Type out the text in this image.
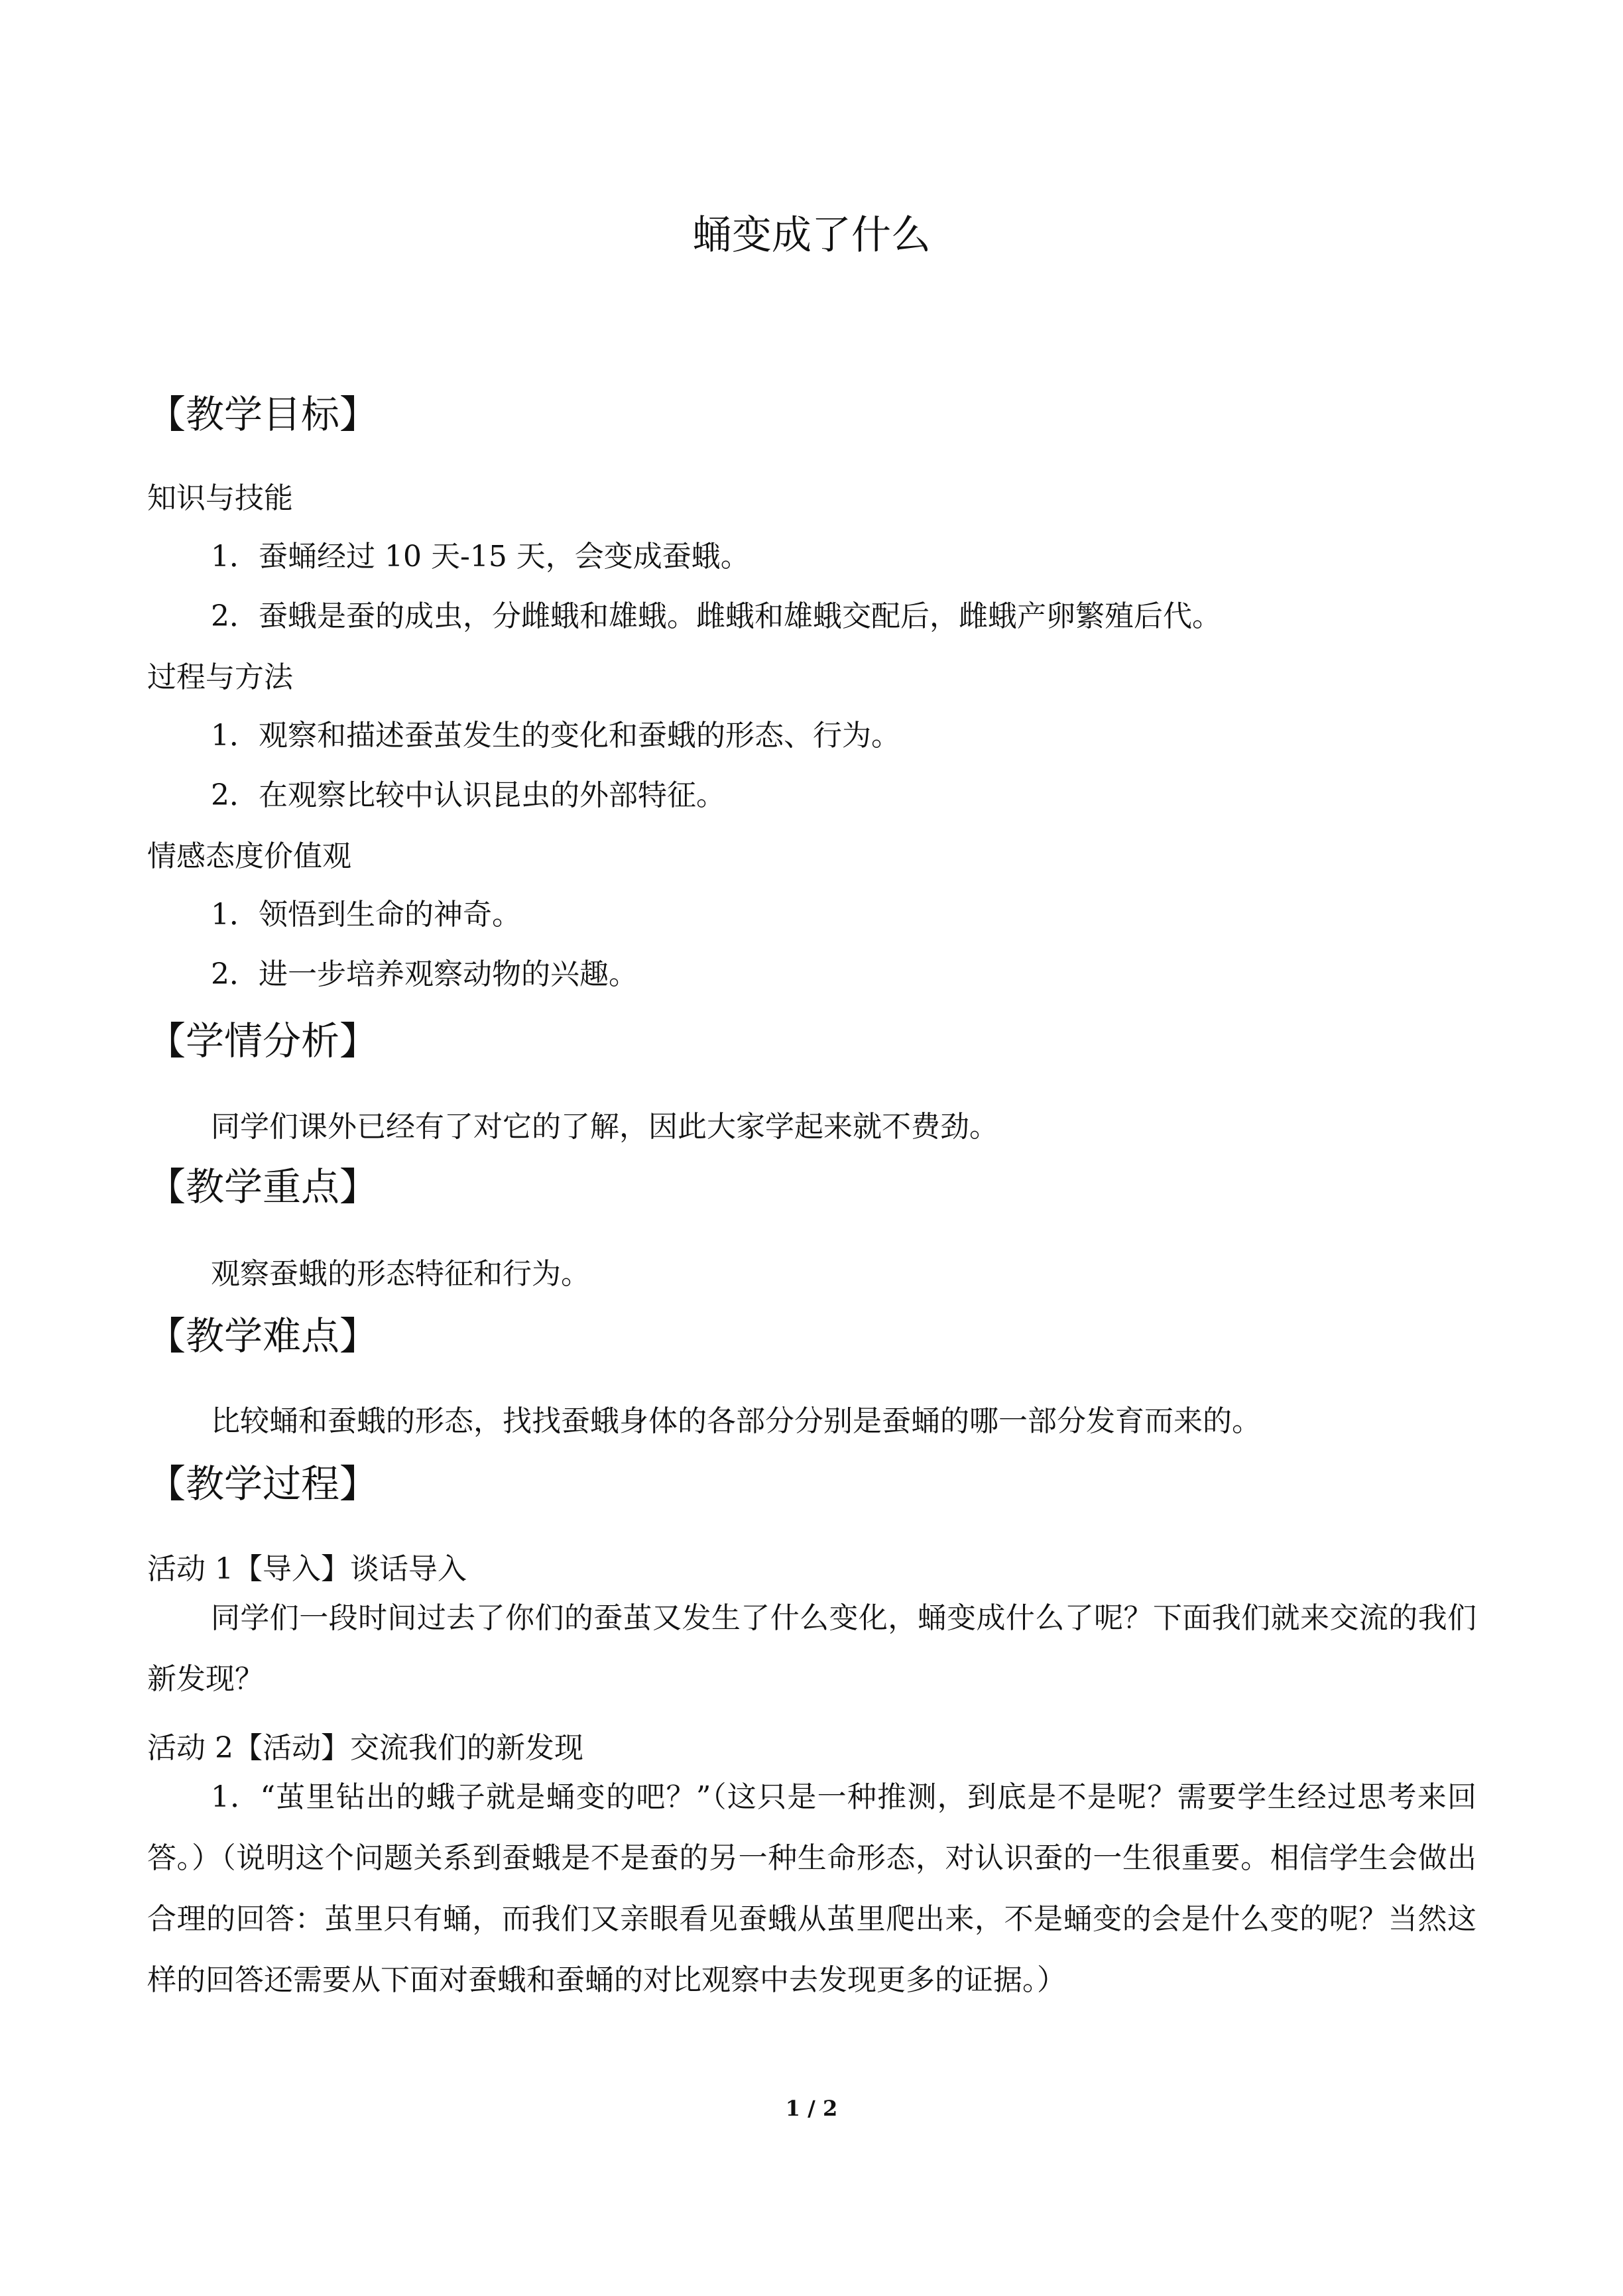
蛹变成了什么
【教学目标】
知识与技能
1．蚕蛹经过 10 天-15 天，会变成蚕蛾。
2．蚕蛾是蚕的成虫，分雌蛾和雄蛾。雌蛾和雄蛾交配后，雌蛾产卵繁殖后代。
过程与方法
1．观察和描述蚕茧发生的变化和蚕蛾的形态、行为。
2．在观察比较中认识昆虫的外部特征。
情感态度价值观
1．领悟到生命的神奇。
2．进一步培养观察动物的兴趣。
【学情分析】
同学们课外已经有了对它的了解，因此大家学起来就不费劲。
【教学重点】
观察蚕蛾的形态特征和行为。
【教学难点】
比较蛹和蚕蛾的形态，找找蚕蛾身体的各部分分别是蚕蛹的哪一部分发育而来的。
【教学过程】
活动 1【导入】谈话导入
同学们一段时间过去了你们的蚕茧又发生了什么变化，蛹变成什么了呢？下面我们就来交流的我们新发现？
活动 2【活动】交流我们的新发现
1．“茧里钻出的蛾子就是蛹变的吧？”（这只是一种推测，到底是不是呢？需要学生经过思考来回答。）（说明这个问题关系到蚕蛾是不是蚕的另一种生命形态，对认识蚕的一生很重要。相信学生会做出合理的回答：茧里只有蛹，而我们又亲眼看见蚕蛾从茧里爬出来，不是蛹变的会是什么变的呢？当然这样的回答还需要从下面对蚕蛾和蚕蛹的对比观察中去发现更多的证据。）
1 / 2
